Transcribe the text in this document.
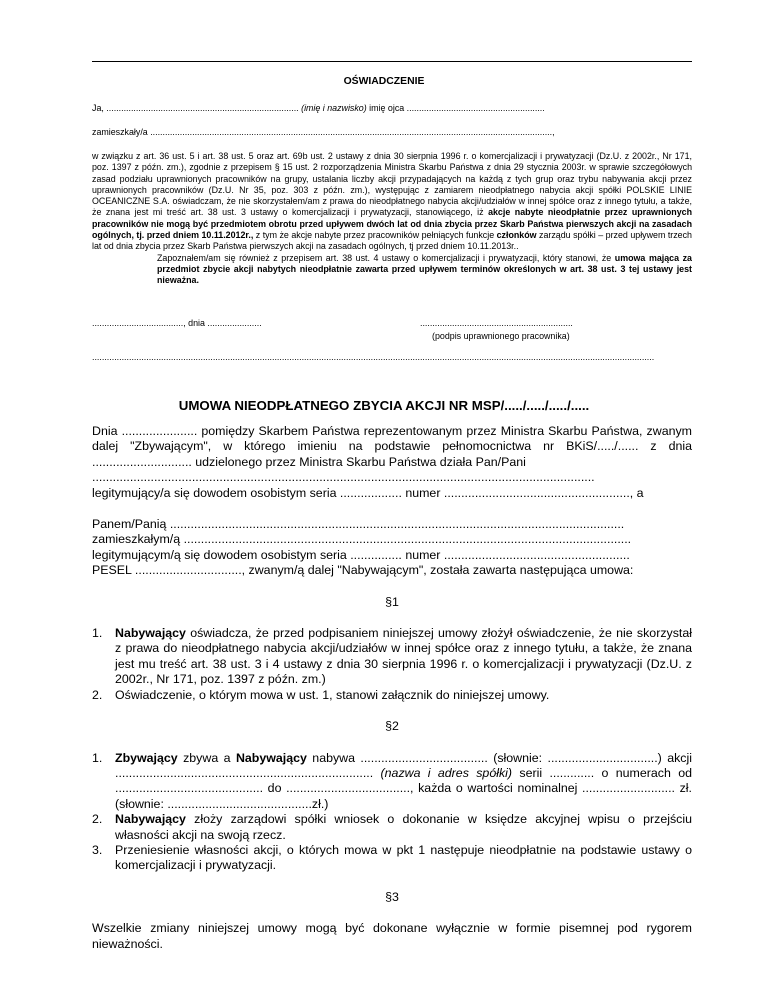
OŚWIADCZENIE
Ja, .............................................................................. (imię i nazwisko) imię ojca ........................................................
zamieszkały/a ...................................................................................................................................................................,
w związku z art. 36 ust. 5 i art. 38 ust. 5 oraz art. 69b ust. 2 ustawy z dnia 30 sierpnia 1996 r. o komercjalizacji i prywatyzacji (Dz.U. z 2002r., Nr 171, poz. 1397 z późn. zm.), zgodnie z przepisem § 15 ust. 2 rozporządzenia Ministra Skarbu Państwa z dnia 29 stycznia 2003r. w sprawie szczegółowych zasad podziału uprawnionych pracowników na grupy, ustalania liczby akcji przypadających na każdą z tych grup oraz trybu nabywania akcji przez uprawnionych pracowników (Dz.U. Nr 35, poz. 303 z późn. zm.), występując z zamiarem nieodpłatnego nabycia akcji spółki POLSKIE LINIE OCEANICZNE S.A. oświadczam, że nie skorzystałem/am z prawa do nieodpłatnego nabycia akcji/udziałów w innej spółce oraz z innego tytułu, a także, że znana jest mi treść art. 38 ust. 3 ustawy o komercjalizacji i prywatyzacji, stanowiącego, iż akcje nabyte nieodpłatnie przez uprawnionych pracowników nie mogą być przedmiotem obrotu przed upływem dwóch lat od dnia zbycia przez Skarb Państwa pierwszych akcji na zasadach ogólnych, tj. przed dniem 10.11.2012r., z tym że akcje nabyte przez pracowników pełniących funkcje członków zarządu spółki – przed upływem trzech lat od dnia zbycia przez Skarb Państwa pierwszych akcji na zasadach ogólnych, tj przed dniem 10.11.2013r..
Zapoznałem/am się również z przepisem art. 38 ust. 4 ustawy o komercjalizacji i prywatyzacji, który stanowi, że umowa mająca za przedmiot zbycie akcji nabytych nieodpłatnie zawarta przed upływem terminów określonych w art. 38 ust. 3 tej ustawy jest nieważna.
....................................., dnia ......................	..............................................................
(podpis uprawnionego pracownika)
....................................................................................................................................................................................................................................
UMOWA NIEODPŁATNEGO ZBYCIA AKCJI NR MSP/...../...../...../.....
Dnia ...................... pomiędzy Skarbem Państwa reprezentowanym przez Ministra Skarbu Państwa, zwanym dalej "Zbywającym", w którego imieniu na podstawie pełnomocnictwa nr BKiS/...../...... z dnia ............................. udzielonego przez Ministra Skarbu Państwa działa Pan/Pani
..................................................................................................................................................
legitymujący/a się dowodem osobistym seria .................. numer ......................................................, a
Panem/Panią ....................................................................................................................................
zamieszkałym/ą ..................................................................................................................................
legitymującym/ą się dowodem osobistym seria ............... numer ......................................................
PESEL ..............................., zwanym/ą dalej "Nabywającym", została zawarta następująca umowa:
§1
1. Nabywający oświadcza, że przed podpisaniem niniejszej umowy złożył oświadczenie, że nie skorzystał z prawa do nieodpłatnego nabycia akcji/udziałów w innej spółce oraz z innego tytułu, a także, że znana jest mu treść art. 38 ust. 3 i 4 ustawy z dnia 30 sierpnia 1996 r. o komercjalizacji i prywatyzacji (Dz.U. z 2002r., Nr 171, poz. 1397 z późn. zm.)
2. Oświadczenie, o którym mowa w ust. 1, stanowi załącznik do niniejszej umowy.
§2
1. Zbywający zbywa a Nabywający nabywa ..................................... (słownie: ................................) akcji ........................................................................... (nazwa i adres spółki) serii ............. o numerach od ........................................... do ...................................., każda o wartości nominalnej ........................... zł. (słownie: ..........................................zł.)
2. Nabywający złoży zarządowi spółki wniosek o dokonanie w księdze akcyjnej wpisu o przejściu własności akcji na swoją rzecz.
3. Przeniesienie własności akcji, o których mowa w pkt 1 następuje nieodpłatnie na podstawie ustawy o komercjalizacji i prywatyzacji.
§3
Wszelkie zmiany niniejszej umowy mogą być dokonane wyłącznie w formie pisemnej pod rygorem nieważności.
